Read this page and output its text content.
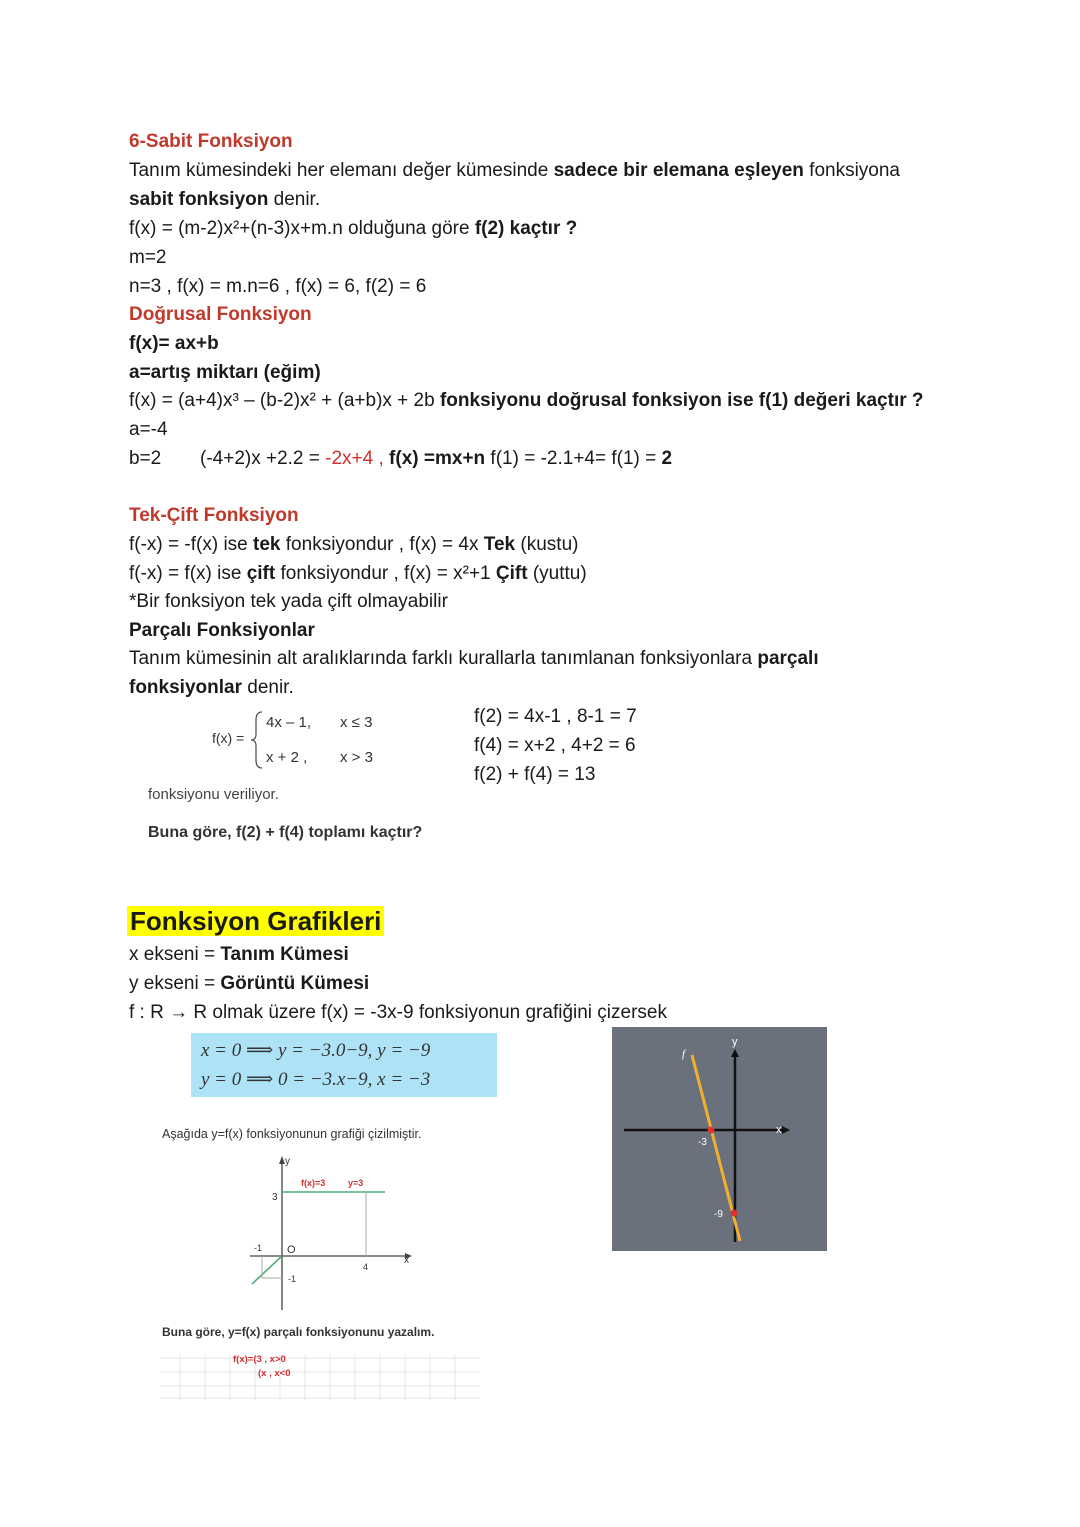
6-Sabit Fonksiyon
Tanım kümesindeki her elemanı değer kümesinde sadece bir elemana eşleyen fonksiyona
sabit fonksiyon denir.
f(x) = (m-2)x²+(n-3)x+m.n olduğuna göre f(2) kaçtır ?
m=2
n=3 , f(x) = m.n=6 , f(x) = 6, f(2) = 6
Doğrusal Fonksiyon
f(x)= ax+b
a=artış miktarı (eğim)
f(x) = (a+4)x³ – (b-2)x² + (a+b)x + 2b fonksiyonu doğrusal fonksiyon ise f(1) değeri kaçtır ?
a=-4
b=2 (-4+2)x +2.2 = -2x+4 , f(x) =mx+n f(1) = -2.1+4= f(1) = 2
Tek-Çift Fonksiyon
f(-x) = -f(x) ise tek fonksiyondur , f(x) = 4x Tek (kustu)
f(-x) = f(x) ise çift fonksiyondur , f(x) = x²+1 Çift (yuttu)
*Bir fonksiyon tek yada çift olmayabilir
Parçalı Fonksiyonlar
Tanım kümesinin alt aralıklarında farklı kurallarla tanımlanan fonksiyonlara parçalı
fonksiyonlar denir.
f(x) =
4x – 1, x ≤ 3
x + 2 , x > 3
fonksiyonu veriliyor.
Buna göre, f(2) + f(4) toplamı kaçtır?
f(2) = 4x-1 , 8-1 = 7
f(4) = x+2 , 4+2 = 6
f(2) + f(4) = 13
Fonksiyon Grafikleri
x ekseni = Tanım Kümesi
y ekseni = Görüntü Kümesi
f : R → R olmak üzere f(x) = -3x-9 fonksiyonun grafiğini çizersek
x = 0 ⟹ y = −3.0−9, y = −9
y = 0 ⟹ 0 = −3.x−9, x = −3
x
y
f
-3
-9
Aşağıda y=f(x) fonksiyonunun grafiği çizilmiştir.
y
x
3
O
-1
-1
4
f(x)=3	y=3
Buna göre, y=f(x) parçalı fonksiyonunu yazalım.
f(x)=(3 , x>0
(x , x<0
